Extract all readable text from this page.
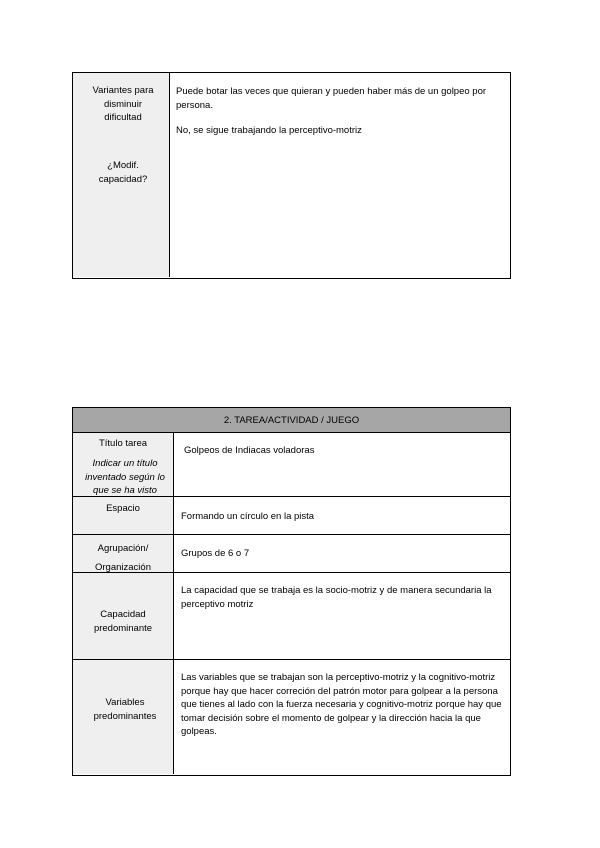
Variantes para disminuir dificultad
¿Modif. capacidad?
Puede botar las veces que quieran y pueden haber más de un golpeo por persona.
No, se sigue trabajando la perceptivo-motriz
2. TAREA/ACTIVIDAD / JUEGO
Título tarea
Indicar un título inventado según lo que se ha visto
Golpeos de Indiacas voladoras
Espacio
Formando un círculo en la pista
Agrupación/ Organización
Grupos de 6 o 7
Capacidad predominante
La capacidad que se trabaja es la socio-motriz y de manera secundaria la perceptivo motriz
Variables predominantes
Las variables que se trabajan son la perceptivo-motriz y la cognitivo-motriz porque hay que hacer correción del patrón motor para golpear a la persona que tienes al lado con la fuerza necesaria y cognitivo-motriz porque hay que tomar decisión sobre el momento de golpear y la dirección hacia la que golpeas.
